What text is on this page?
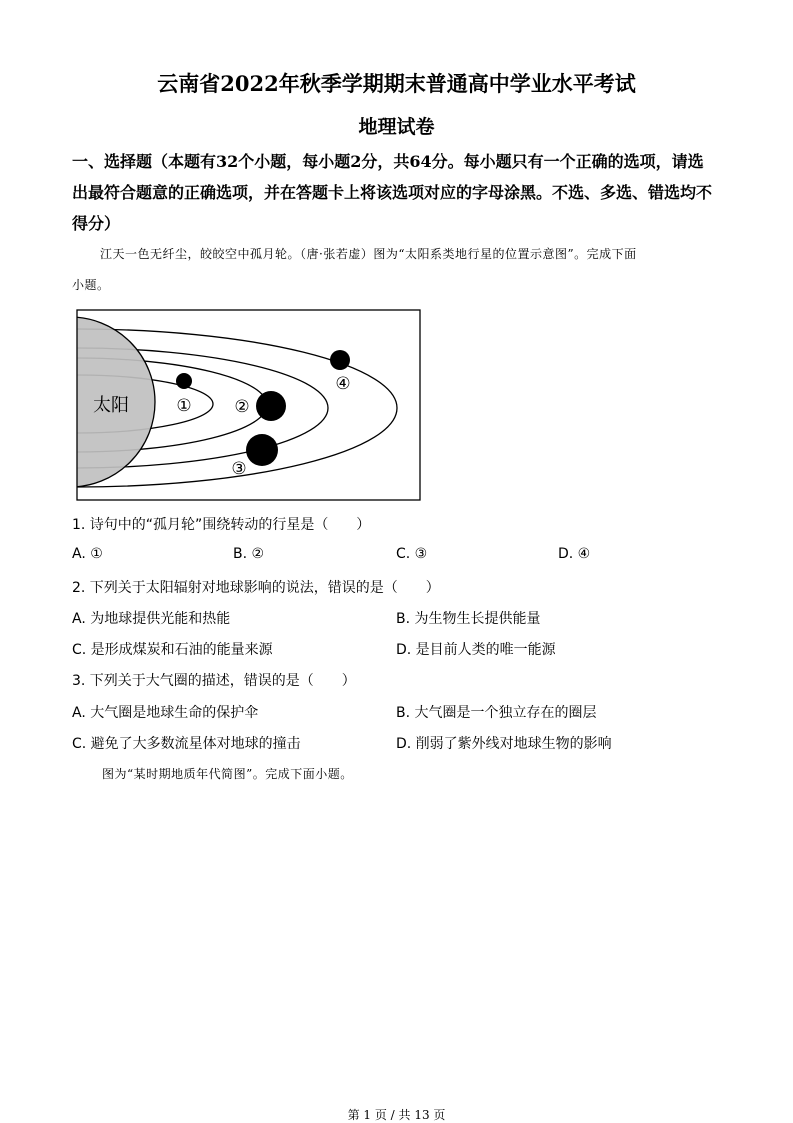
云南省2022年秋季学期期末普通高中学业水平考试
地理试卷
一、选择题（本题有32个小题，每小题2分，共64分。每小题只有一个正确的选项，请选
出最符合题意的正确选项，并在答题卡上将该选项对应的字母涂黑。不选、多选、错选均不
得分）
江天一色无纤尘，皎皎空中孤月轮。（唐·张若虚）图为“太阳系类地行星的位置示意图”。完成下面
小题。
太阳	①	②
③
④
1. 诗句中的“孤月轮”围绕转动的行星是（　　）
A. ①	B. ②	C. ③	D. ④
2. 下列关于太阳辐射对地球影响的说法，错误的是（　　）
A. 为地球提供光能和热能	B. 为生物生长提供能量
C. 是形成煤炭和石油的能量来源	D. 是目前人类的唯一能源
3. 下列关于大气圈的描述，错误的是（　　）
A. 大气圈是地球生命的保护伞	B. 大气圈是一个独立存在的圈层
C. 避免了大多数流星体对地球的撞击	D. 削弱了紫外线对地球生物的影响
图为“某时期地质年代简图”。完成下面小题。
第 1 页 / 共 13 页
